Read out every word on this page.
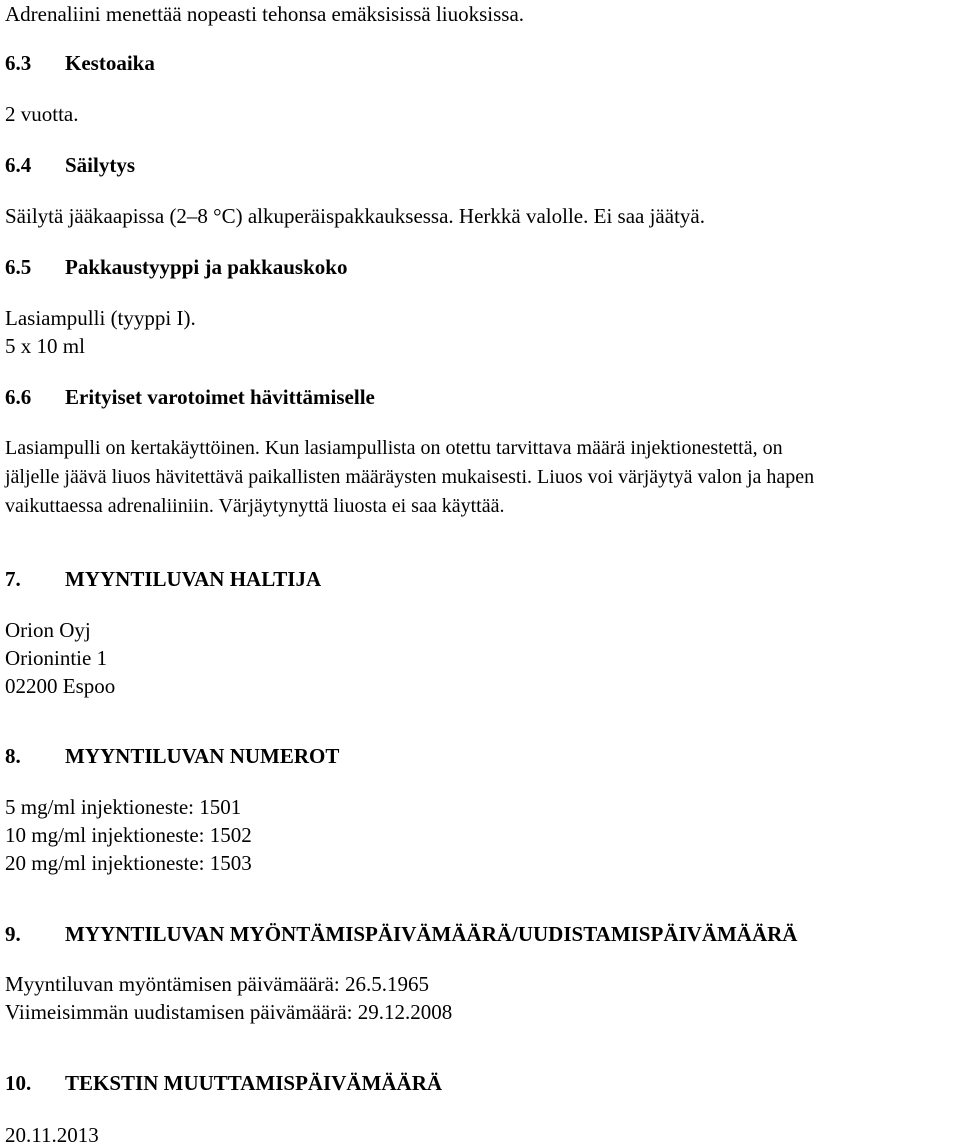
Adrenaliini menettää nopeasti tehonsa emäksisissä liuoksissa.
6.3 Kestoaika
2 vuotta.
6.4 Säilytys
Säilytä jääkaapissa (2–8 °C) alkuperäispakkauksessa. Herkkä valolle. Ei saa jäätyä.
6.5 Pakkaustyyppi ja pakkauskoko
Lasiampulli (tyyppi I).
5 x 10 ml
6.6 Erityiset varotoimet hävittämiselle
Lasiampulli on kertakäyttöinen. Kun lasiampullista on otettu tarvittava määrä injektionestettä, on
jäljelle jäävä liuos hävitettävä paikallisten määräysten mukaisesti. Liuos voi värjäytyä valon ja hapen
vaikuttaessa adrenaliiniin. Värjäytynyttä liuosta ei saa käyttää.
7. MYYNTILUVAN HALTIJA
Orion Oyj
Orionintie 1
02200 Espoo
8. MYYNTILUVAN NUMEROT
5 mg/ml injektioneste: 1501
10 mg/ml injektioneste: 1502
20 mg/ml injektioneste: 1503
9. MYYNTILUVAN MYÖNTÄMISPÄIVÄMÄÄRÄ/UUDISTAMISPÄIVÄMÄÄRÄ
Myyntiluvan myöntämisen päivämäärä: 26.5.1965
Viimeisimmän uudistamisen päivämäärä: 29.12.2008
10. TEKSTIN MUUTTAMISPÄIVÄMÄÄRÄ
20.11.2013
